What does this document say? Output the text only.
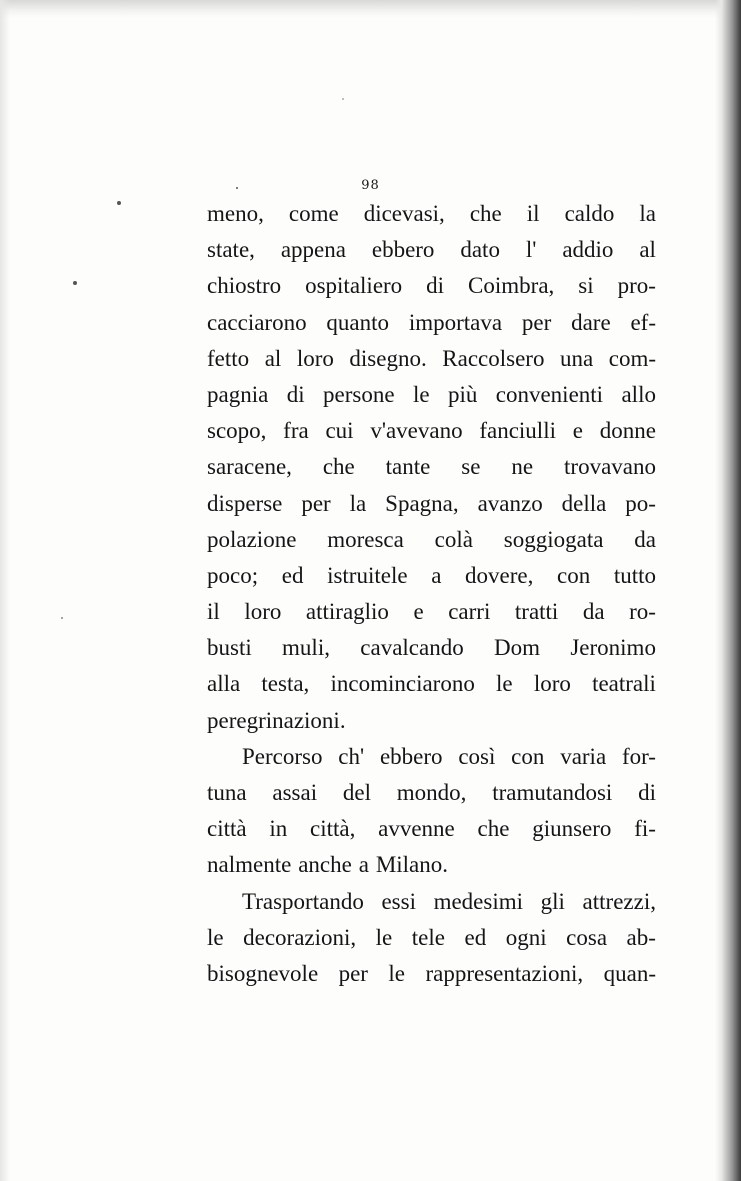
98
meno, come dicevasi, che il caldo la
state, appena ebbero dato l' addio al
chiostro ospitaliero di Coimbra, si pro-
cacciarono quanto importava per dare ef-
fetto al loro disegno. Raccolsero una com-
pagnia di persone le più convenienti allo
scopo, fra cui v'avevano fanciulli e donne
saracene, che tante se ne trovavano
disperse per la Spagna, avanzo della po-
polazione moresca colà soggiogata da
poco; ed istruitele a dovere, con tutto
il loro attiraglio e carri tratti da ro-
busti muli, cavalcando Dom Jeronimo
alla testa, incominciarono le loro teatrali
peregrinazioni.
Percorso ch' ebbero così con varia for-
tuna assai del mondo, tramutandosi di
città in città, avvenne che giunsero fi-
nalmente anche a Milano.
Trasportando essi medesimi gli attrezzi,
le decorazioni, le tele ed ogni cosa ab-
bisognevole per le rappresentazioni, quan-
